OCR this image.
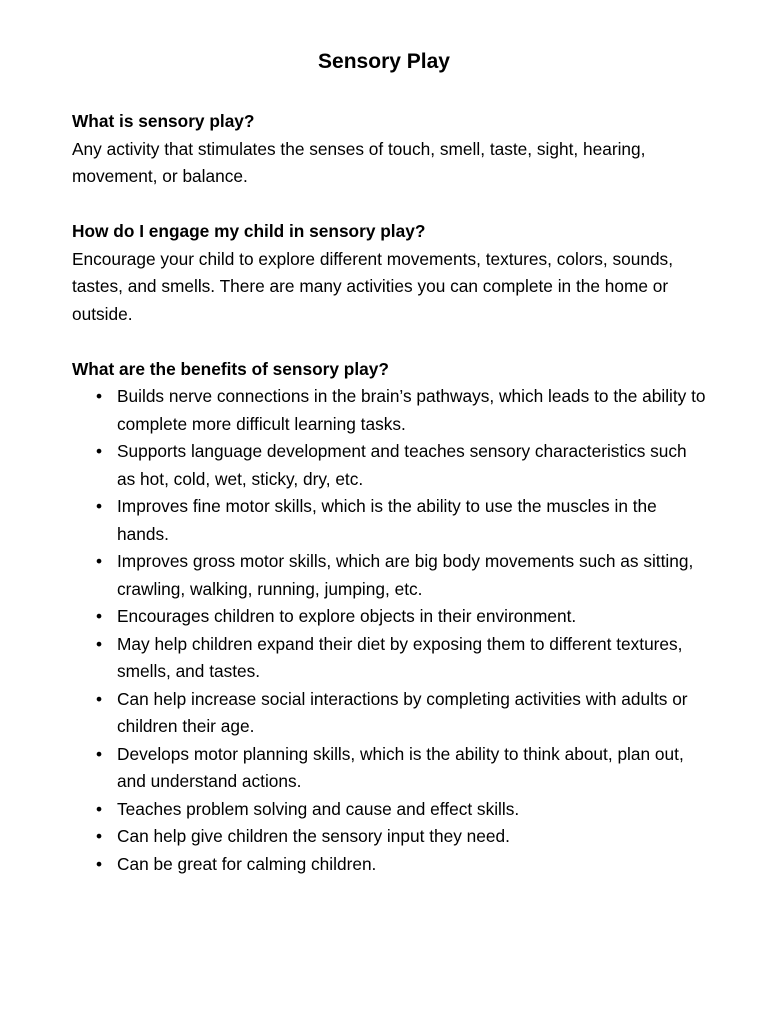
Sensory Play
What is sensory play?

Any activity that stimulates the senses of touch, smell, taste, sight, hearing, movement, or balance.

How do I engage my child in sensory play?

Encourage your child to explore different movements, textures, colors, sounds, tastes, and smells. There are many activities you can complete in the home or outside.

What are the benefits of sensory play?
• Builds nerve connections in the brain’s pathways, which leads to the ability to complete more difficult learning tasks.
• Supports language development and teaches sensory characteristics such as hot, cold, wet, sticky, dry, etc.
• Improves fine motor skills, which is the ability to use the muscles in the hands.
• Improves gross motor skills, which are big body movements such as sitting, crawling, walking, running, jumping, etc.
• Encourages children to explore objects in their environment.
• May help children expand their diet by exposing them to different textures, smells, and tastes.
• Can help increase social interactions by completing activities with adults or children their age.
• Develops motor planning skills, which is the ability to think about, plan out, and understand actions.
• Teaches problem solving and cause and effect skills.
• Can help give children the sensory input they need.
• Can be great for calming children.
